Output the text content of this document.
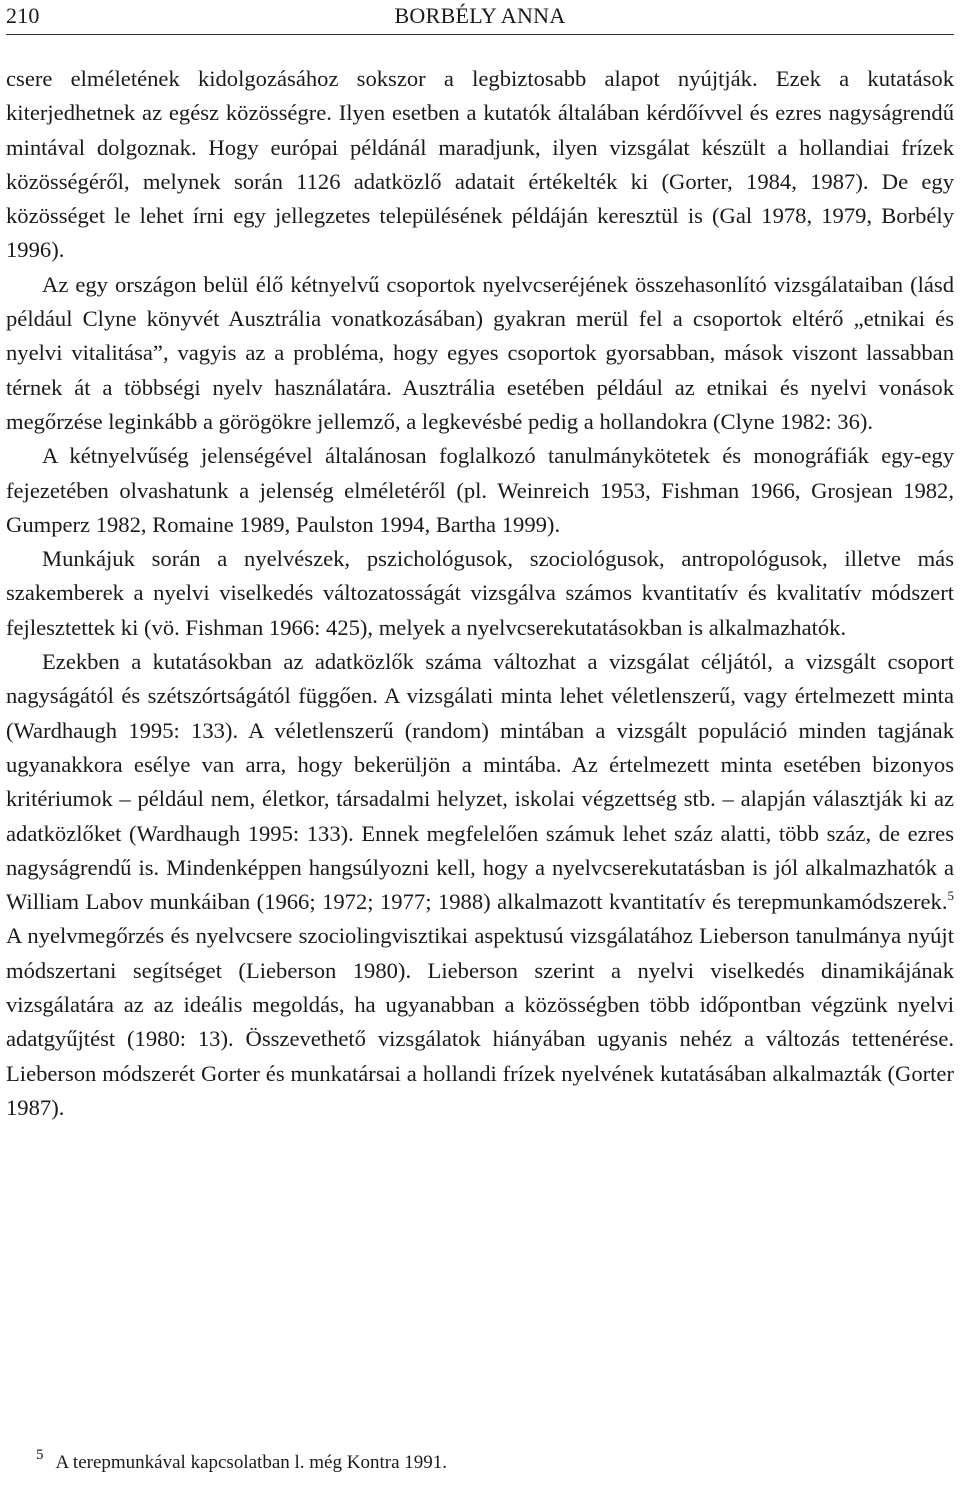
210	BORBÉLY ANNA

csere elméletének kidolgozásához sokszor a legbiztosabb alapot nyújtják. Ezek a kutatások kiterjedhetnek az egész közösségre. Ilyen esetben a kutatók általában kérdőívvel és ezres nagyságrendű mintával dolgoznak. Hogy európai példánál maradjunk, ilyen vizsgálat készült a hollandiai frízek közösségéről, melynek során 1126 adatközlő adatait értékelték ki (Gorter, 1984, 1987). De egy közösséget le lehet írni egy jellegzetes településének példáján keresztül is (Gal 1978, 1979, Borbély 1996).

Az egy országon belül élő kétnyelvű csoportok nyelvcseréjének összehasonlító vizsgálataiban (lásd például Clyne könyvét Ausztrália vonatkozásában) gyakran merül fel a csoportok eltérő „etnikai és nyelvi vitalitása”, vagyis az a probléma, hogy egyes csoportok gyorsabban, mások viszont lassabban térnek át a többségi nyelv használatára. Ausztrália esetében például az etnikai és nyelvi vonások megőrzése leginkább a görögökre jellemző, a legkevésbé pedig a hollandokra (Clyne 1982: 36).

A kétnyelvűség jelenségével általánosan foglalkozó tanulmánykötetek és monográfiák egy-egy fejezetében olvashatunk a jelenség elméletéről (pl. Weinreich 1953, Fishman 1966, Grosjean 1982, Gumperz 1982, Romaine 1989, Paulston 1994, Bartha 1999).

Munkájuk során a nyelvészek, pszichológusok, szociológusok, antropológusok, illetve más szakemberek a nyelvi viselkedés változatosságát vizsgálva számos kvantitatív és kvalitatív módszert fejlesztettek ki (vö. Fishman 1966: 425), melyek a nyelvcserekutatásokban is alkalmazhatók.

Ezekben a kutatásokban az adatközlők száma változhat a vizsgálat céljától, a vizsgált csoport nagyságától és szétszórtságától függően. A vizsgálati minta lehet véletlenszerű, vagy értelmezett minta (Wardhaugh 1995: 133). A véletlenszerű (random) mintában a vizsgált populáció minden tagjának ugyanakkora esélye van arra, hogy bekerüljön a mintába. Az értelmezett minta esetében bizonyos kritériumok – például nem, életkor, társadalmi helyzet, iskolai végzettség stb. – alapján választják ki az adatközlőket (Wardhaugh 1995: 133). Ennek megfelelően számuk lehet száz alatti, több száz, de ezres nagyságrendű is. Mindenképpen hangsúlyozni kell, hogy a nyelvcserekutatásban is jól alkalmazhatók a William Labov munkáiban (1966; 1972; 1977; 1988) alkalmazott kvantitatív és terepmunkamódszerek.$^5$ A nyelvmegőrzés és nyelvcsere szociolingvisztikai aspektusú vizsgálatához Lieberson tanulmánya nyújt módszertani segítséget (Lieberson 1980). Lieberson szerint a nyelvi viselkedés dinamikájának vizsgálatára az az ideális megoldás, ha ugyanabban a közösségben több időpontban végzünk nyelvi adatgyűjtést (1980: 13). Összevethető vizsgálatok hiányában ugyanis nehéz a változás tettenérése. Lieberson módszerét Gorter és munkatársai a hollandi frízek nyelvének kutatásában alkalmazták (Gorter 1987).

$^5$ A terepmunkával kapcsolatban l. még Kontra 1991.
